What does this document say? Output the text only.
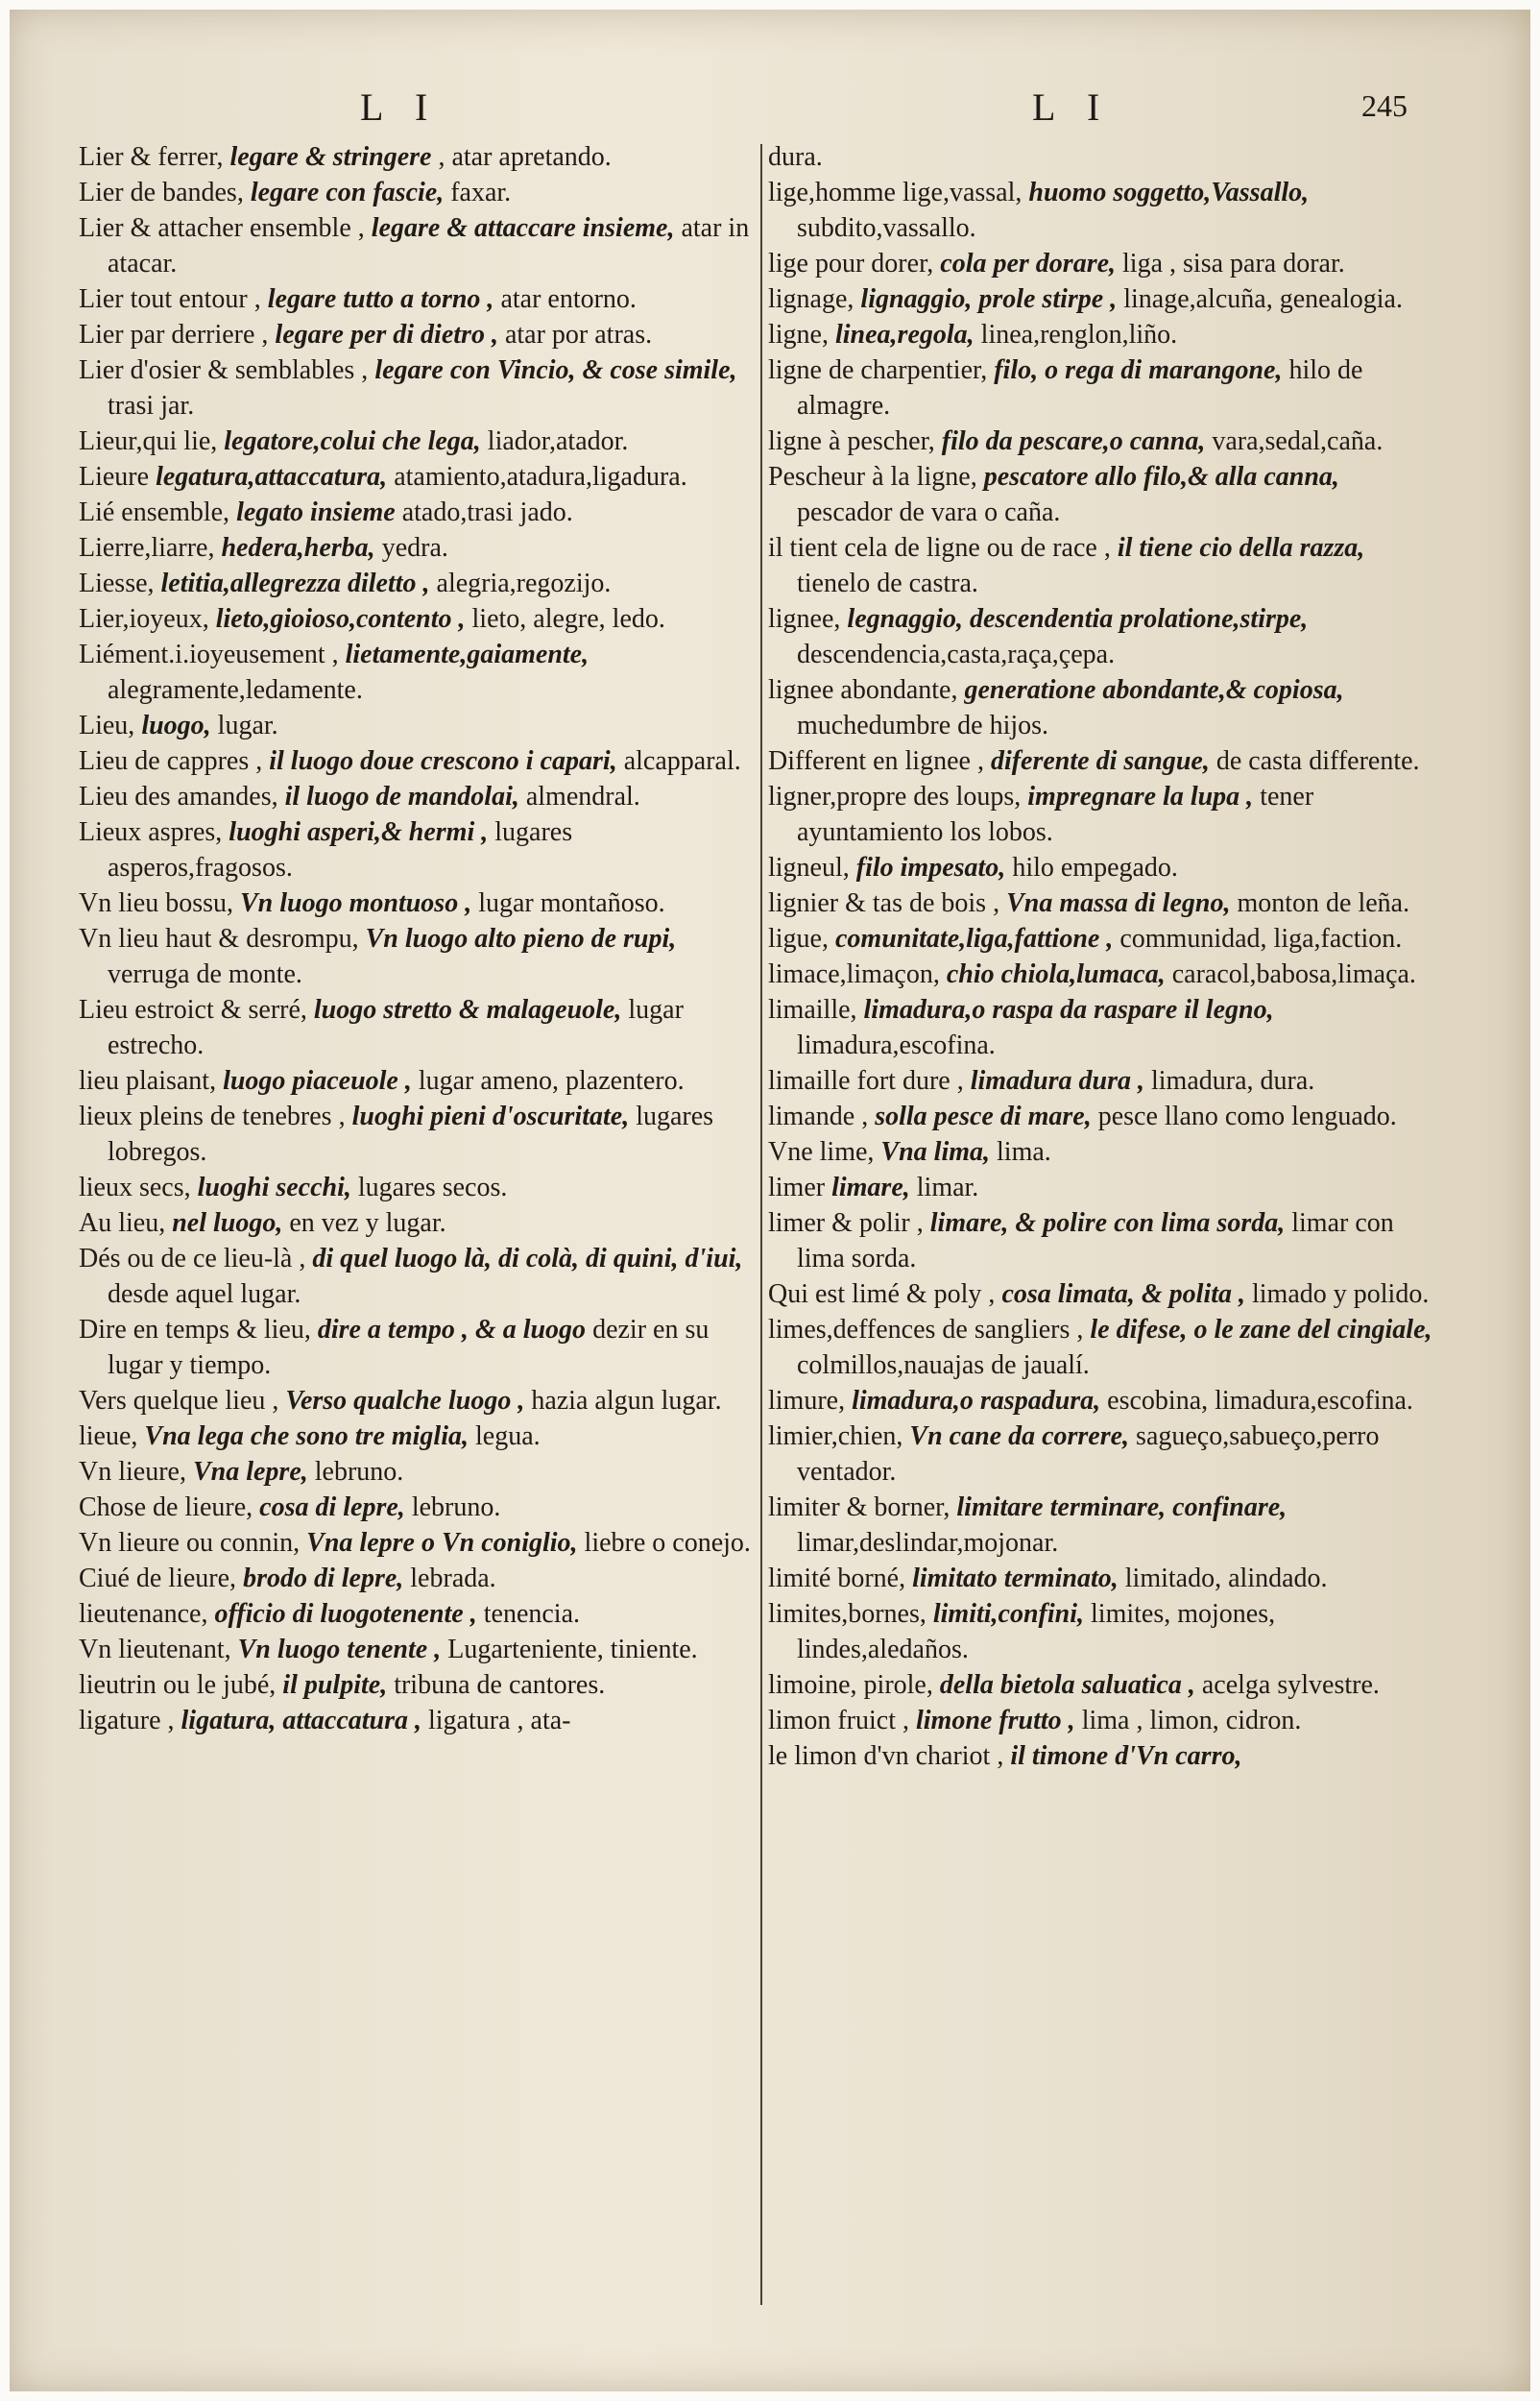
L I	L I	245

Lier & ferrer, legare & stringere , atar apretando.

Lier de bandes, legare con fascie, faxar.

Lier & attacher ensemble , legare & attaccare insieme, atar in atacar.

Lier tout entour , legare tutto a torno , atar entorno.

Lier par derriere , legare per di dietro , atar por atras.

Lier d'osier & semblables , legare con Vincio, & cose simile, trasi jar.

Lieur,qui lie, legatore,colui che lega, liador,atador.

Lieure legatura,attaccatura, atamiento,atadura,ligadura.

Lié ensemble, legato insieme atado,trasi jado.

Lierre,liarre, hedera,herba, yedra.

Liesse, letitia,allegrezza diletto , alegria,regozijo.

Lier,ioyeux, lieto,gioioso,contento , lieto, alegre, ledo.

Liément.i.ioyeusement , lietamente,gaiamente, alegramente,ledamente.

Lieu, luogo, lugar.

Lieu de cappres , il luogo doue crescono i capari, alcapparal.

Lieu des amandes, il luogo de mandolai, almendral.

Lieux aspres, luoghi asperi,& hermi , lugares asperos,fragosos.

Vn lieu bossu, Vn luogo montuoso , lugar montañoso.

Vn lieu haut & desrompu, Vn luogo alto pieno de rupi, verruga de monte.

Lieu estroict & serré, luogo stretto & malageuole, lugar estrecho.

lieu plaisant, luogo piaceuole , lugar ameno, plazentero.

lieux pleins de tenebres , luoghi pieni d'oscuritate, lugares lobregos.

lieux secs, luoghi secchi, lugares secos.

Au lieu, nel luogo, en vez y lugar.

Dés ou de ce lieu-là , di quel luogo là, di colà, di quini, d'iui, desde aquel lugar.

Dire en temps & lieu, dire a tempo , & a luogo dezir en su lugar y tiempo.

Vers quelque lieu , Verso qualche luogo , hazia algun lugar.

lieue, Vna lega che sono tre miglia, legua.

Vn lieure, Vna lepre, lebruno.

Chose de lieure, cosa di lepre, lebruno.

Vn lieure ou connin, Vna lepre o Vn coniglio, liebre o conejo.

Ciué de lieure, brodo di lepre, lebrada.

lieutenance, officio di luogotenente , tenencia.

Vn lieutenant, Vn luogo tenente , Lugarteniente, tiniente.

lieutrin ou le jubé, il pulpite, tribuna de cantores.

ligature , ligatura, attaccatura , ligatura , ata-

dura.

lige,homme lige,vassal, huomo soggetto,Vassallo, subdito,vassallo.

lige pour dorer, cola per dorare, liga , sisa para dorar.

lignage, lignaggio, prole stirpe , linage,alcuña, genealogia.

ligne, linea,regola, linea,renglon,liño.

ligne de charpentier, filo, o rega di marangone, hilo de almagre.

ligne à pescher, filo da pescare,o canna, vara,sedal,caña.

Pescheur à la ligne, pescatore allo filo,& alla canna, pescador de vara o caña.

il tient cela de ligne ou de race , il tiene cio della razza, tienelo de castra.

lignee, legnaggio, descendentia prolatione,stirpe, descendencia,casta,raça,çepa.

lignee abondante, generatione abondante,& copiosa, muchedumbre de hijos.

Different en lignee , diferente di sangue, de casta differente.

ligner,propre des loups, impregnare la lupa , tener ayuntamiento los lobos.

ligneul, filo impesato, hilo empegado.

lignier & tas de bois , Vna massa di legno, monton de leña.

ligue, comunitate,liga,fattione , communidad, liga,faction.

limace,limaçon, chio chiola,lumaca, caracol,babosa,limaça.

limaille, limadura,o raspa da raspare il legno, limadura,escofina.

limaille fort dure , limadura dura , limadura, dura.

limande , solla pesce di mare, pesce llano como lenguado.

Vne lime, Vna lima, lima.

limer limare, limar.

limer & polir , limare, & polire con lima sorda, limar con lima sorda.

Qui est limé & poly , cosa limata, & polita , limado y polido.

limes,deffences de sangliers , le difese, o le zane del cingiale, colmillos,nauajas de jaualí.

limure, limadura,o raspadura, escobina, limadura,escofina.

limier,chien, Vn cane da correre, sagueço,sabueço,perro ventador.

limiter & borner, limitare terminare, confinare, limar,deslindar,mojonar.

limité borné, limitato terminato, limitado, alindado.

limites,bornes, limiti,confini, limites, mojones, lindes,aledaños.

limoine, pirole, della bietola saluatica , acelga sylvestre.

limon fruict , limone frutto , lima , limon, cidron.

le limon d'vn chariot , il timone d'Vn carro,
